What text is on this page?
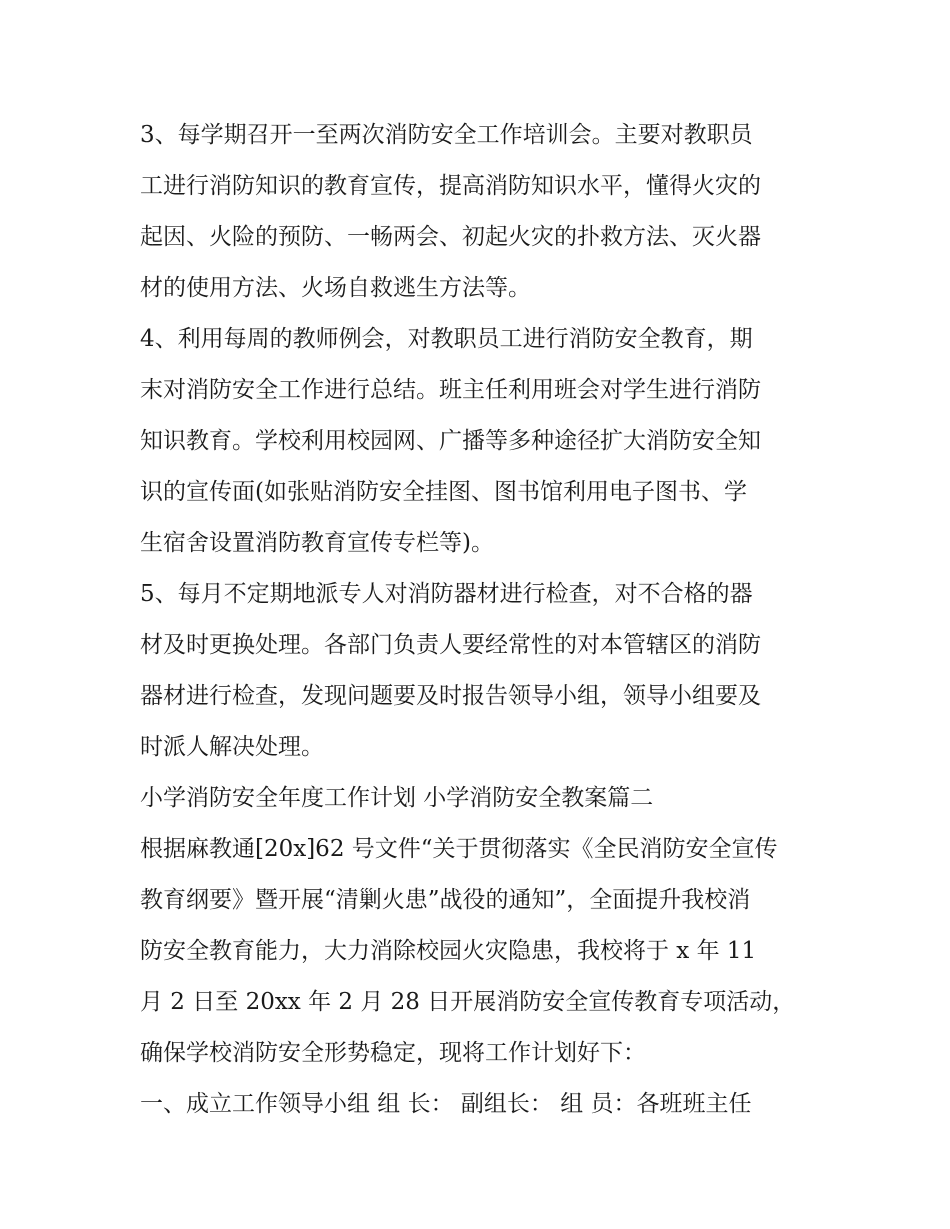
3、每学期召开一至两次消防安全工作培训会。主要对教职员
工进行消防知识的教育宣传，提高消防知识水平，懂得火灾的
起因、火险的预防、一畅两会、初起火灾的扑救方法、灭火器
材的使用方法、火场自救逃生方法等。
4、利用每周的教师例会，对教职员工进行消防安全教育，期
末对消防安全工作进行总结。班主任利用班会对学生进行消防
知识教育。学校利用校园网、广播等多种途径扩大消防安全知
识的宣传面(如张贴消防安全挂图、图书馆利用电子图书、学
生宿舍设置消防教育宣传专栏等)。
5、每月不定期地派专人对消防器材进行检查，对不合格的器
材及时更换处理。各部门负责人要经常性的对本管辖区的消防
器材进行检查，发现问题要及时报告领导小组，领导小组要及
时派人解决处理。
小学消防安全年度工作计划 小学消防安全教案篇二
根据麻教通[20x]62 号文件“关于贯彻落实《全民消防安全宣传
教育纲要》暨开展“清剿火患”战役的通知”，全面提升我校消
防安全教育能力，大力消除校园火灾隐患，我校将于 x 年 11
月 2 日至 20xx 年 2 月 28 日开展消防安全宣传教育专项活动，
确保学校消防安全形势稳定，现将工作计划好下：
一、成立工作领导小组 组 长： 副组长： 组 员：各班班主任
